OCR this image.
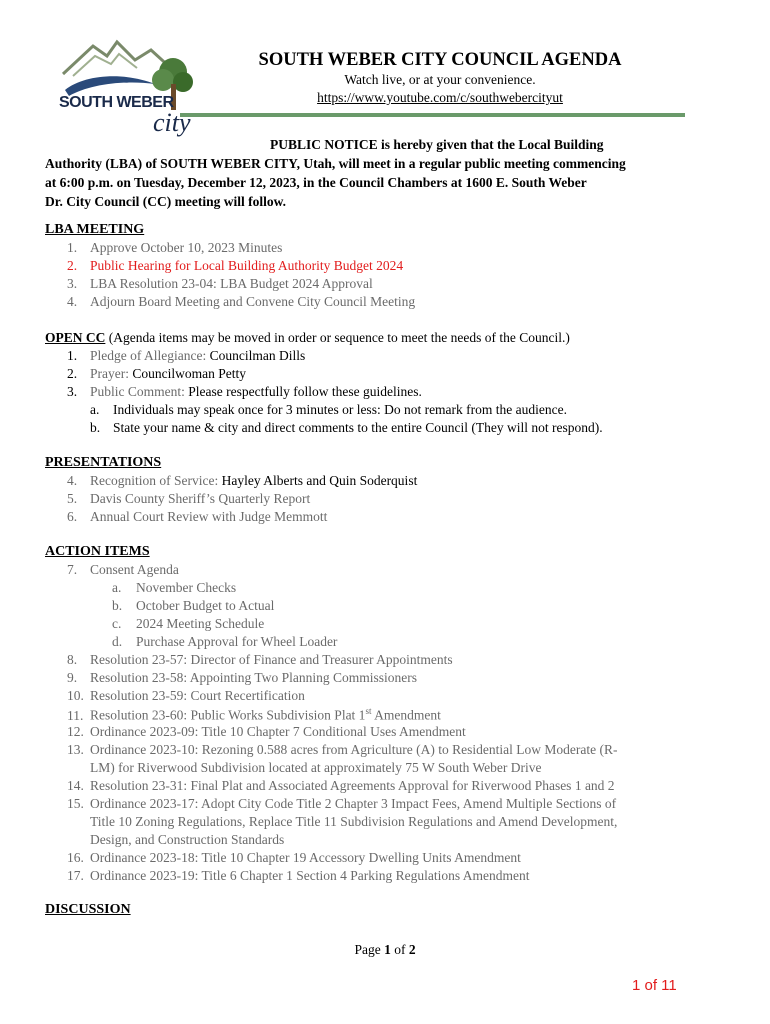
SOUTH WEBER
city
SOUTH WEBER CITY COUNCIL AGENDA
Watch live, or at your convenience.
https://www.youtube.com/c/southwebercityut
PUBLIC NOTICE is hereby given that the Local Building
Authority (LBA) of SOUTH WEBER CITY, Utah, will meet in a regular public meeting commencing
at 6:00 p.m. on Tuesday, December 12, 2023, in the Council Chambers at 1600 E. South Weber
Dr. City Council (CC) meeting will follow.
LBA MEETING
1. Approve October 10, 2023 Minutes
2. Public Hearing for Local Building Authority Budget 2024
3. LBA Resolution 23-04: LBA Budget 2024 Approval
4. Adjourn Board Meeting and Convene City Council Meeting
OPEN CC (Agenda items may be moved in order or sequence to meet the needs of the Council.)
1. Pledge of Allegiance: Councilman Dills
2. Prayer: Councilwoman Petty
3. Public Comment: Please respectfully follow these guidelines.
a. Individuals may speak once for 3 minutes or less: Do not remark from the audience.
b. State your name & city and direct comments to the entire Council (They will not respond).
PRESENTATIONS
4. Recognition of Service: Hayley Alberts and Quin Soderquist
5. Davis County Sheriff’s Quarterly Report
6. Annual Court Review with Judge Memmott
ACTION ITEMS
7. Consent Agenda
a. November Checks
b. October Budget to Actual
c. 2024 Meeting Schedule
d. Purchase Approval for Wheel Loader
8. Resolution 23-57: Director of Finance and Treasurer Appointments
9. Resolution 23-58: Appointing Two Planning Commissioners
10. Resolution 23-59: Court Recertification
11. Resolution 23-60: Public Works Subdivision Plat 1st Amendment
12. Ordinance 2023-09: Title 10 Chapter 7 Conditional Uses Amendment
13. Ordinance 2023-10: Rezoning 0.588 acres from Agriculture (A) to Residential Low Moderate (R-
LM) for Riverwood Subdivision located at approximately 75 W South Weber Drive
14. Resolution 23-31: Final Plat and Associated Agreements Approval for Riverwood Phases 1 and 2
15. Ordinance 2023-17: Adopt City Code Title 2 Chapter 3 Impact Fees, Amend Multiple Sections of
Title 10 Zoning Regulations, Replace Title 11 Subdivision Regulations and Amend Development,
Design, and Construction Standards
16. Ordinance 2023-18: Title 10 Chapter 19 Accessory Dwelling Units Amendment
17. Ordinance 2023-19: Title 6 Chapter 1 Section 4 Parking Regulations Amendment
DISCUSSION
Page 1 of 2
1 of 11
